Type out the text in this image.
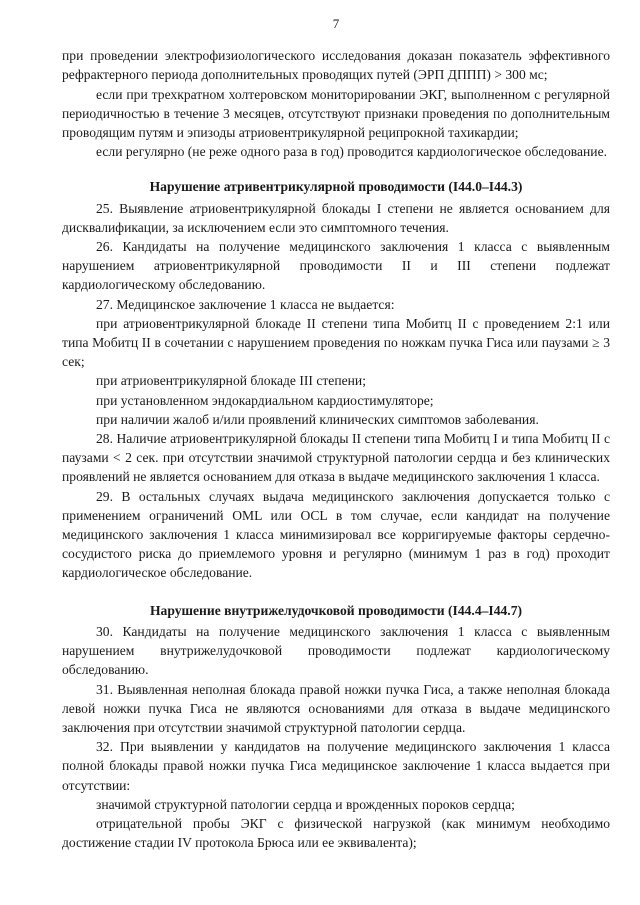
7

при проведении электрофизиологического исследования доказан показатель эффективного рефрактерного периода дополнительных проводящих путей (ЭРП ДППП) > 300 мс;

если при трехкратном холтеровском мониторировании ЭКГ, выполненном с регулярной периодичностью в течение 3 месяцев, отсутствуют признаки проведения по дополнительным проводящим путям и эпизоды атриовентрикулярной реципрокной тахикардии;

если регулярно (не реже одного раза в год) проводится кардиологическое обследование.

Нарушение атривентрикулярной проводимости (I44.0–I44.3)

25. Выявление атриовентрикулярной блокады I степени не является основанием для дисквалификации, за исключением если это симптомного течения.

26. Кандидаты на получение медицинского заключения 1 класса с выявленным нарушением атриовентрикулярной проводимости II и III степени подлежат кардиологическому обследованию.

27. Медицинское заключение 1 класса не выдается:

при атриовентрикулярной блокаде II степени типа Мобитц II с проведением 2:1 или типа Мобитц II в сочетании с нарушением проведения по ножкам пучка Гиса или паузами ≥ 3 сек;

при атриовентрикулярной блокаде III степени;

при установленном эндокардиальном кардиостимуляторе;

при наличии жалоб и/или проявлений клинических симптомов заболевания.

28. Наличие атриовентрикулярной блокады II степени типа Мобитц I и типа Мобитц II с паузами < 2 сек. при отсутствии значимой структурной патологии сердца и без клинических проявлений не является основанием для отказа в выдаче медицинского заключения 1 класса.

29. В остальных случаях выдача медицинского заключения допускается только с применением ограничений OML или OCL в том случае, если кандидат на получение медицинского заключения 1 класса минимизировал все корригируемые факторы сердечно-сосудистого риска до приемлемого уровня и регулярно (минимум 1 раз в год) проходит кардиологическое обследование.

Нарушение внутрижелудочковой проводимости (I44.4–I44.7)

30. Кандидаты на получение медицинского заключения 1 класса с выявленным нарушением внутрижелудочковой проводимости подлежат кардиологическому обследованию.

31. Выявленная неполная блокада правой ножки пучка Гиса, а также неполная блокада левой ножки пучка Гиса не являются основаниями для отказа в выдаче медицинского заключения при отсутствии значимой структурной патологии сердца.

32. При выявлении у кандидатов на получение медицинского заключения 1 класса полной блокады правой ножки пучка Гиса медицинское заключение 1 класса выдается при отсутствии:

значимой структурной патологии сердца и врожденных пороков сердца;

отрицательной пробы ЭКГ с физической нагрузкой (как минимум необходимо достижение стадии IV протокола Брюса или ее эквивалента);
